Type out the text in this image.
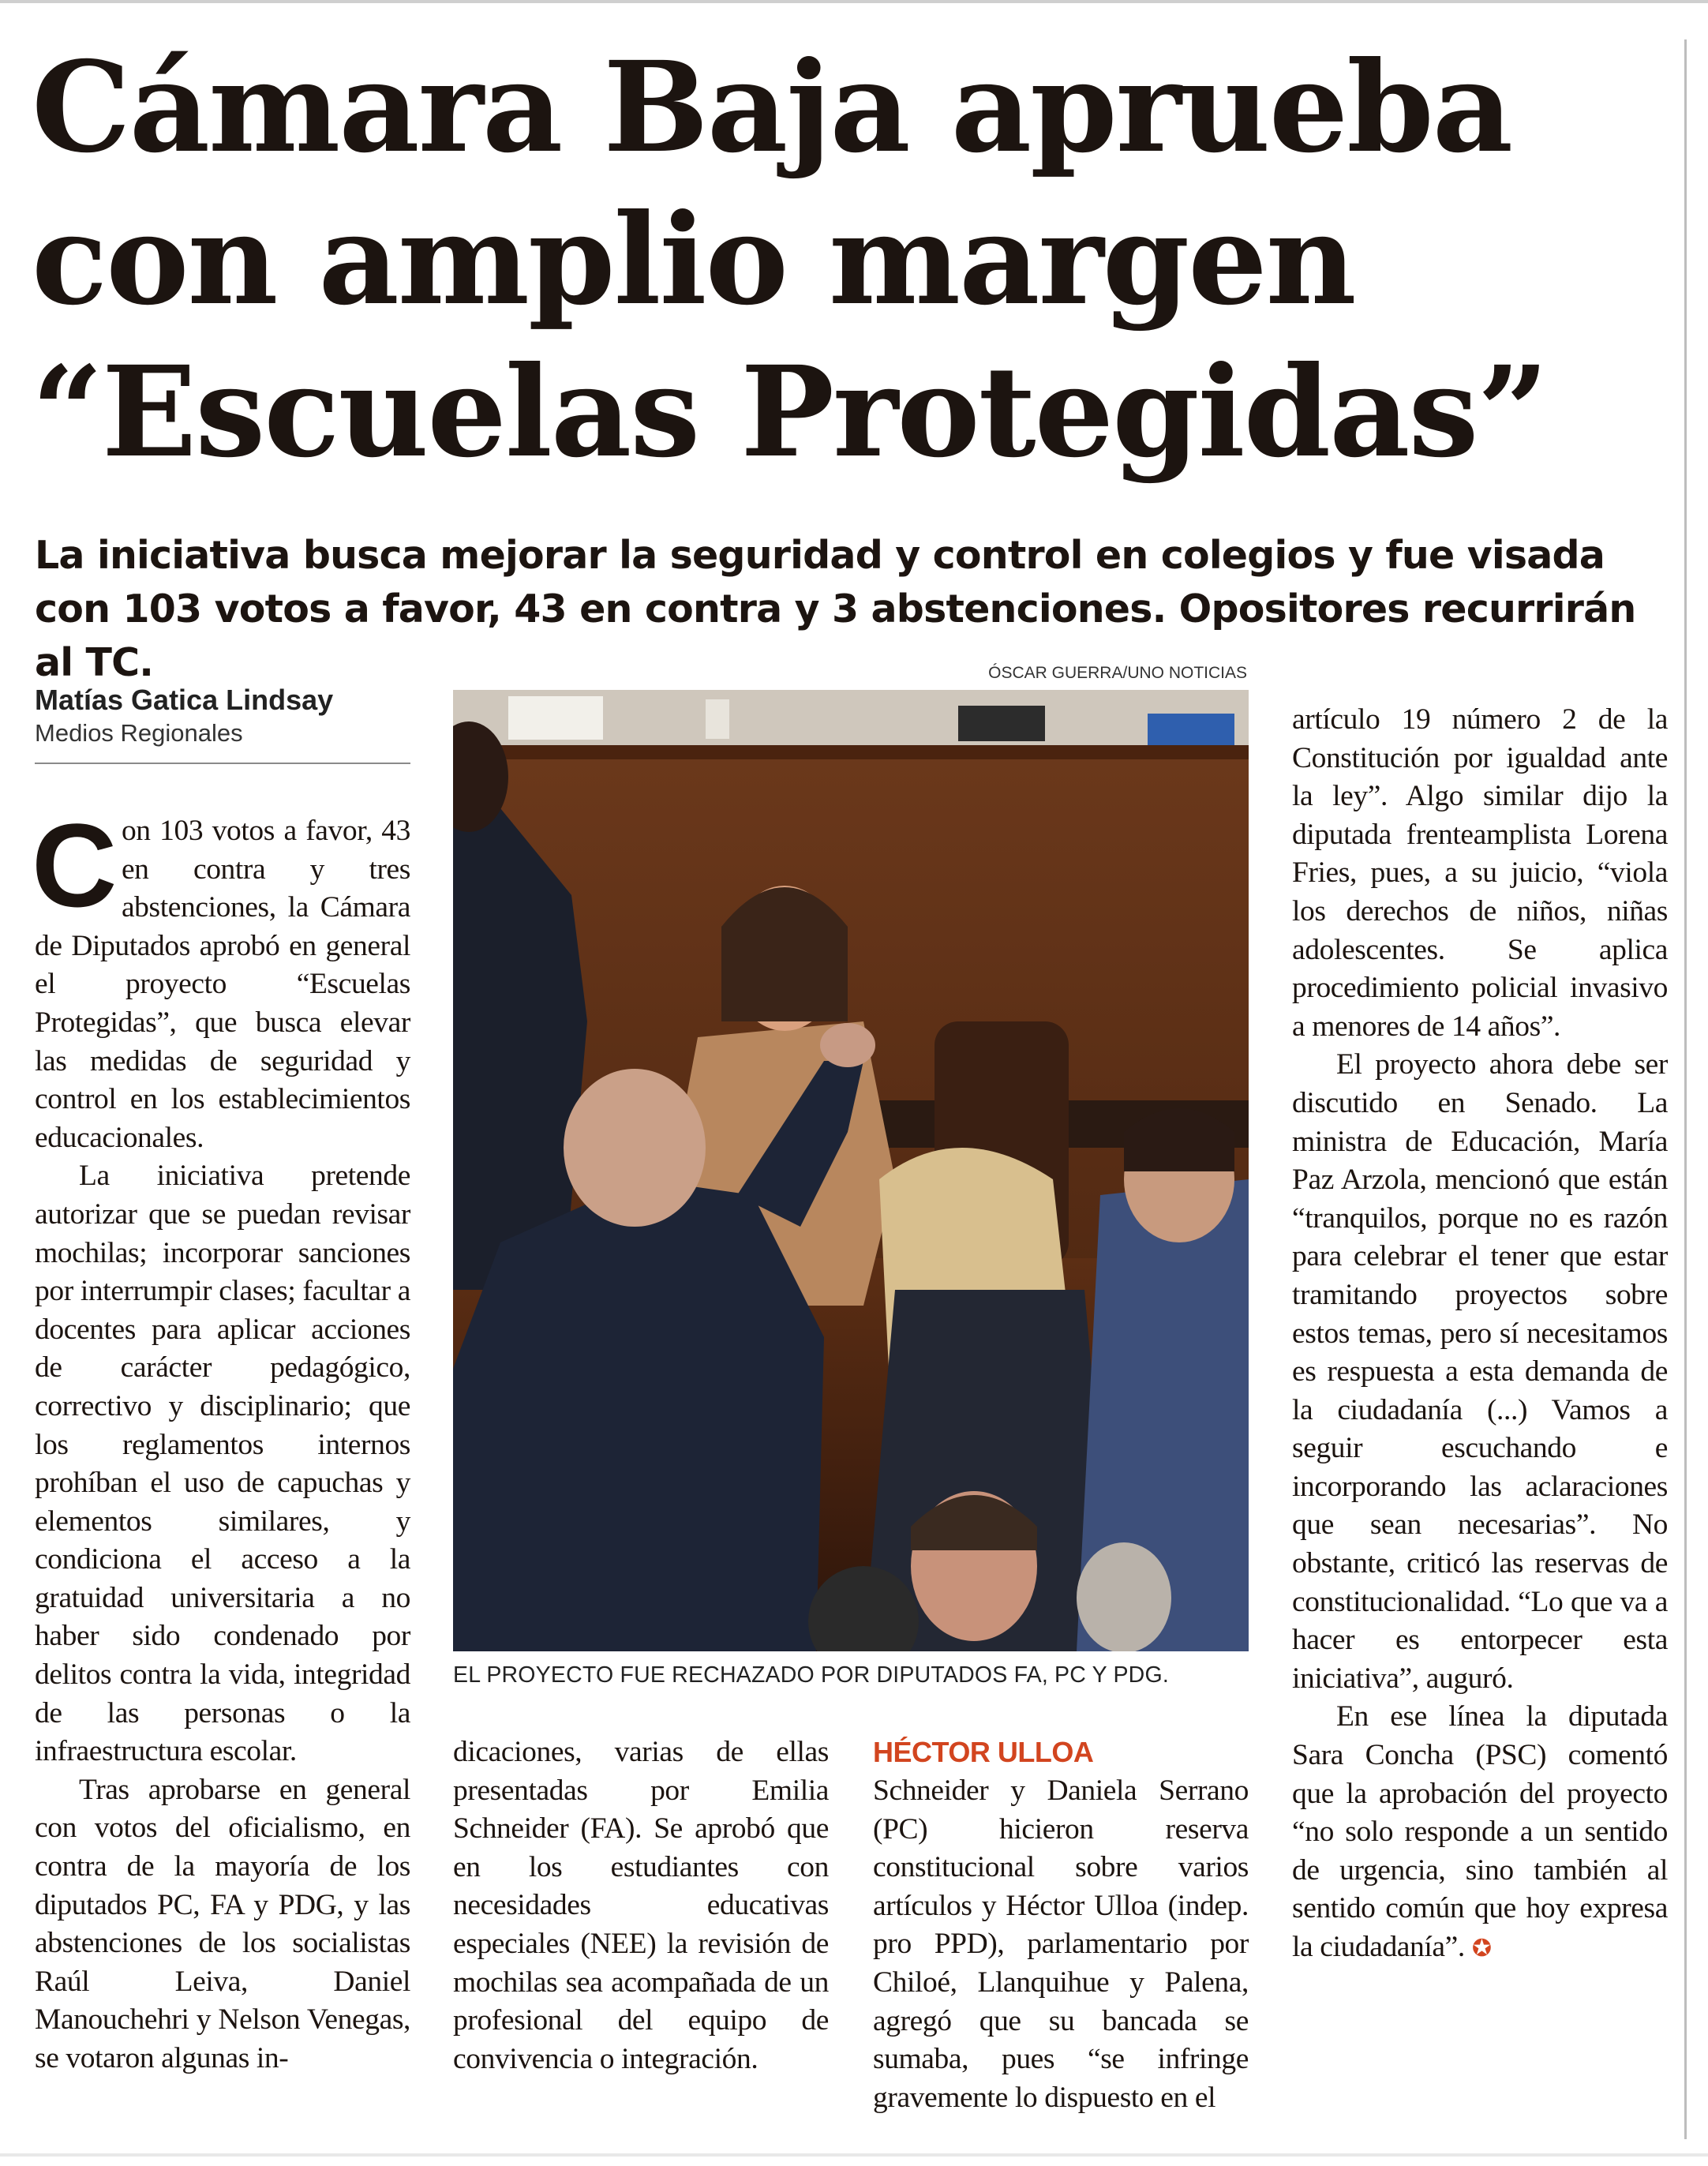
Cámara Baja aprueba con amplio margen “Escuelas Protegidas”
La iniciativa busca mejorar la seguridad y control en colegios y fue visada con 103 votos a favor, 43 en contra y 3 abstenciones. Opositores recurrirán al TC.
Matías Gatica Lindsay
Medios Regionales

C on 103 votos a favor, 43 en contra y tres abstenciones, la Cámara de Diputados aprobó en general el proyecto “Escuelas Protegidas”, que busca elevar las medidas de seguridad y control en los establecimientos educacionales.

La iniciativa pretende autorizar que se puedan revisar mochilas; incorporar sanciones por interrumpir clases; facultar a docentes para aplicar acciones de carácter pedagógico, correctivo y disciplinario; que los reglamentos internos prohíban el uso de capuchas y elementos similares, y condiciona el acceso a la gratuidad universitaria a no haber sido condenado por delitos contra la vida, integridad de las personas o la infraestructura escolar.

Tras aprobarse en general con votos del oficialismo, en contra de la mayoría de los diputados PC, FA y PDG, y las abstenciones de los socialistas Raúl Leiva, Daniel Manouchehri y Nelson Venegas, se votaron algunas in-

ÓSCAR GUERRA/UNO NOTICIAS
EL PROYECTO FUE RECHAZADO POR DIPUTADOS FA, PC Y PDG.

dicaciones, varias de ellas presentadas por Emilia Schneider (FA). Se aprobó que en los estudiantes con necesidades educativas especiales (NEE) la revisión de mochilas sea acompañada de un profesional del equipo de convivencia o integración.

HÉCTOR ULLOA

Schneider y Daniela Serrano (PC) hicieron reserva constitucional sobre varios artículos y Héctor Ulloa (indep. pro PPD), parlamentario por Chiloé, Llanquihue y Palena, agregó que su bancada se sumaba, pues “se infringe gravemente lo dispuesto en el

artículo 19 número 2 de la Constitución por igualdad ante la ley”. Algo similar dijo la diputada frenteamplista Lorena Fries, pues, a su juicio, “viola los derechos de niños, niñas adolescentes. Se aplica procedimiento policial invasivo a menores de 14 años”.

El proyecto ahora debe ser discutido en Senado. La ministra de Educación, María Paz Arzola, mencionó que están “tranquilos, porque no es razón para celebrar el tener que estar tramitando proyectos sobre estos temas, pero sí necesitamos es respuesta a esta demanda de la ciudadanía (...) Vamos a seguir escuchando e incorporando las aclaraciones que sean necesarias”. No obstante, criticó las reservas de constitucionalidad. “Lo que va a hacer es entorpecer esta iniciativa”, auguró.

En ese línea la diputada Sara Concha (PSC) comentó que la aprobación del proyecto “no solo responde a un sentido de urgencia, sino también al sentido común que hoy expresa la ciudadanía”. ✪
